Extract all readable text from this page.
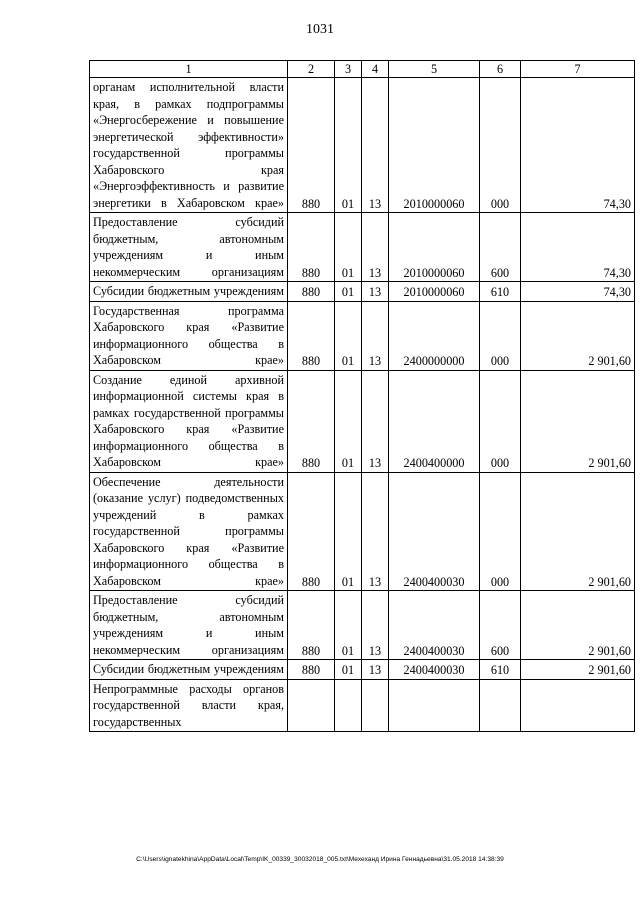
1031
1	2	3	4	5	6	7
органам исполнительной власти края, в рамках подпрограммы «Энергосбережение и повышение энергетической эффективности» государственной программы Хабаровского края «Энергоэффективность и развитие энергетики в Хабаровском крае»	880	01	13	2010000060	000	74,30
Предоставление субсидий бюджетным, автономным учреждениям и иным некоммерческим организациям	880	01	13	2010000060	600	74,30
Субсидии бюджетным учреждениям	880	01	13	2010000060	610	74,30
Государственная программа Хабаровского края «Развитие информационного общества в Хабаровском крае»	880	01	13	2400000000	000	2 901,60
Создание единой архивной информационной системы края в рамках государственной программы Хабаровского края «Развитие информационного общества в Хабаровском крае»	880	01	13	2400400000	000	2 901,60
Обеспечение деятельности (оказание услуг) подведомственных учреждений в рамках государственной программы Хабаровского края «Развитие информационного общества в Хабаровском крае»	880	01	13	2400400030	000	2 901,60
Предоставление субсидий бюджетным, автономным учреждениям и иным некоммерческим организациям	880	01	13	2400400030	600	2 901,60
Субсидии бюджетным учреждениям	880	01	13	2400400030	610	2 901,60
Непрограммные расходы органов государственной власти края, государственных						
C:\Users\ignatekhina\AppData\Local\Temp\IK_00339_30032018_005.txt\Мехеханд Ирина Геннадьевна\31.05.2018 14:38:39
